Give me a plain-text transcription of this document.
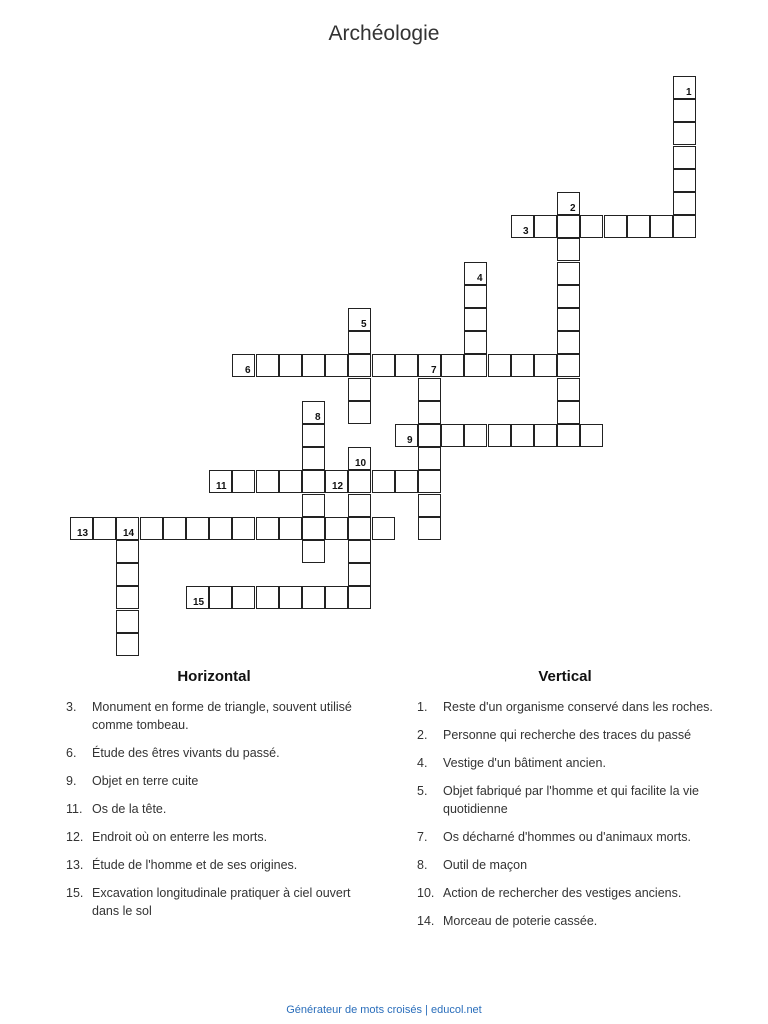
Archéologie
1
2
3
4
5
6	7
8
9
10
11	12
13	14
15
Horizontal
3.	Monument en forme de triangle, souvent utilisé comme tombeau.
6.	Étude des êtres vivants du passé.
9.	Objet en terre cuite
11. Os de la tête.
12. Endroit où on enterre les morts.
13. Étude de l'homme et de ses origines.
15. Excavation longitudinale pratiquer à ciel ouvert dans le sol
Vertical
1.	Reste d'un organisme conservé dans les roches.
2.	Personne qui recherche des traces du passé
4.	Vestige d'un bâtiment ancien.
5.	Objet fabriqué par l'homme et qui facilite la vie quotidienne
7.	Os décharné d'hommes ou d'animaux morts.
8.	Outil de maçon
10. Action de rechercher des vestiges anciens.
14. Morceau de poterie cassée.
Générateur de mots croisés | educol.net
